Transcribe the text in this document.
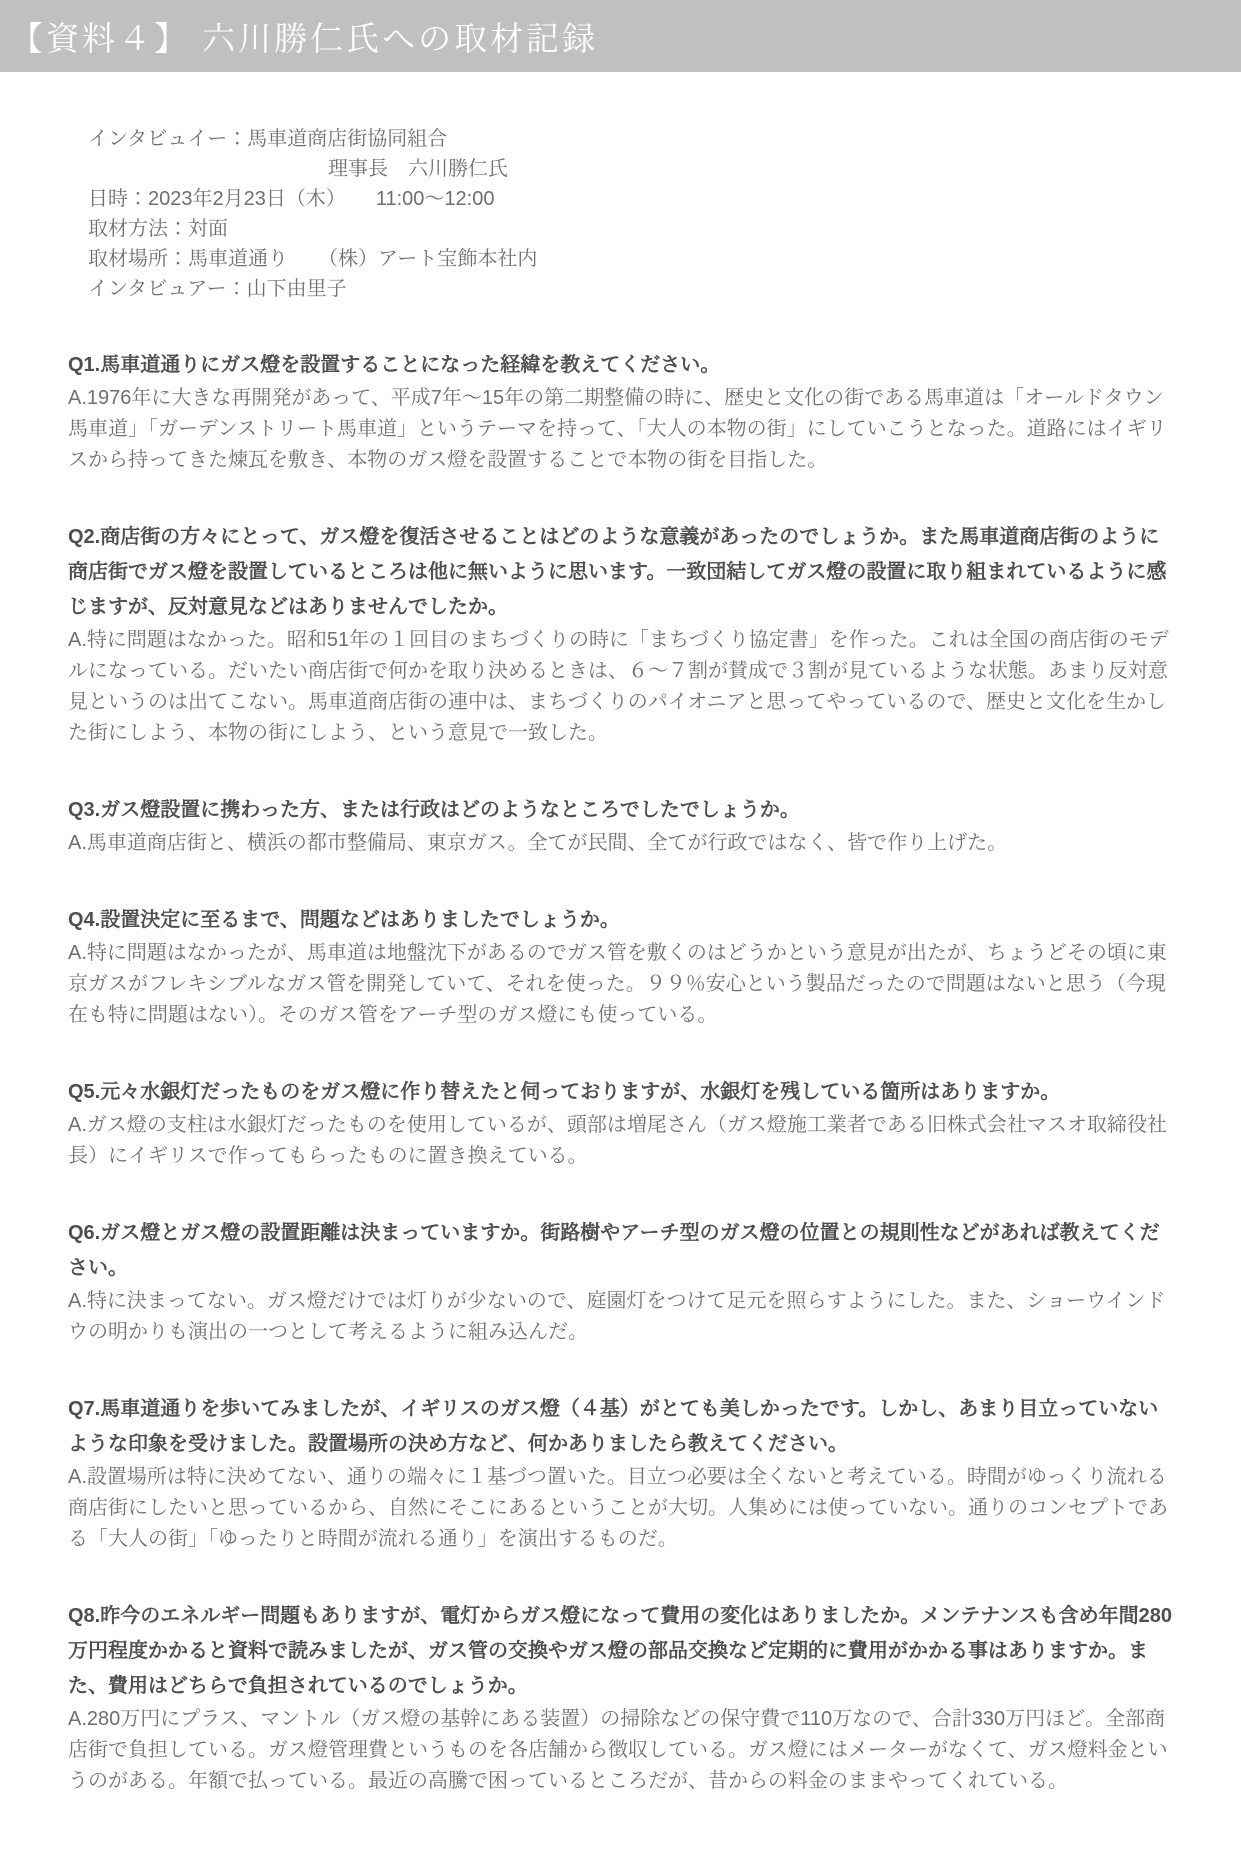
【資料４】 六川勝仁氏への取材記録
インタビュイー：馬車道商店街協同組合
理事長　六川勝仁氏
日時：2023年2月23日（木）　　11:00〜12:00
取材方法：対面
取材場所：馬車道通り　　（株）アート宝飾本社内
インタビュアー：山下由里子
Q1.馬車道通りにガス燈を設置することになった経緯を教えてください。
A.1976年に大きな再開発があって、平成7年〜15年の第二期整備の時に、歴史と文化の街である馬車道は「オールドタウン馬車道」「ガーデンストリート馬車道」というテーマを持って、「大人の本物の街」にしていこうとなった。道路にはイギリスから持ってきた煉瓦を敷き、本物のガス燈を設置することで本物の街を目指した。
Q2.商店街の方々にとって、ガス燈を復活させることはどのような意義があったのでしょうか。また馬車道商店街のように商店街でガス燈を設置しているところは他に無いように思います。一致団結してガス燈の設置に取り組まれているように感じますが、反対意見などはありませんでしたか。
A.特に問題はなかった。昭和51年の１回目のまちづくりの時に「まちづくり協定書」を作った。これは全国の商店街のモデルになっている。だいたい商店街で何かを取り決めるときは、６〜７割が賛成で３割が見ているような状態。あまり反対意見というのは出てこない。馬車道商店街の連中は、まちづくりのパイオニアと思ってやっているので、歴史と文化を生かした街にしよう、本物の街にしよう、という意見で一致した。
Q3.ガス燈設置に携わった方、または行政はどのようなところでしたでしょうか。
A.馬車道商店街と、横浜の都市整備局、東京ガス。全てが民間、全てが行政ではなく、皆で作り上げた。
Q4.設置決定に至るまで、問題などはありましたでしょうか。
A.特に問題はなかったが、馬車道は地盤沈下があるのでガス管を敷くのはどうかという意見が出たが、ちょうどその頃に東京ガスがフレキシブルなガス管を開発していて、それを使った。９９％安心という製品だったので問題はないと思う（今現在も特に問題はない）。そのガス管をアーチ型のガス燈にも使っている。
Q5.元々水銀灯だったものをガス燈に作り替えたと伺っておりますが、水銀灯を残している箇所はありますか。
A.ガス燈の支柱は水銀灯だったものを使用しているが、頭部は増尾さん（ガス燈施工業者である旧株式会社マスオ取締役社長）にイギリスで作ってもらったものに置き換えている。
Q6.ガス燈とガス燈の設置距離は決まっていますか。街路樹やアーチ型のガス燈の位置との規則性などがあれば教えてください。
A.特に決まってない。ガス燈だけでは灯りが少ないので、庭園灯をつけて足元を照らすようにした。また、ショーウインドウの明かりも演出の一つとして考えるように組み込んだ。
Q7.馬車道通りを歩いてみましたが、イギリスのガス燈（４基）がとても美しかったです。しかし、あまり目立っていないような印象を受けました。設置場所の決め方など、何かありましたら教えてください。
A.設置場所は特に決めてない、通りの端々に１基づつ置いた。目立つ必要は全くないと考えている。時間がゆっくり流れる商店街にしたいと思っているから、自然にそこにあるということが大切。人集めには使っていない。通りのコンセプトである「大人の街」「ゆったりと時間が流れる通り」を演出するものだ。
Q8.昨今のエネルギー問題もありますが、電灯からガス燈になって費用の変化はありましたか。メンテナンスも含め年間280万円程度かかると資料で読みましたが、ガス管の交換やガス燈の部品交換など定期的に費用がかかる事はありますか。また、費用はどちらで負担されているのでしょうか。
A.280万円にプラス、マントル（ガス燈の基幹にある装置）の掃除などの保守費で110万なので、合計330万円ほど。全部商店街で負担している。ガス燈管理費というものを各店舗から徴収している。ガス燈にはメーターがなくて、ガス燈料金というのがある。年額で払っている。最近の高騰で困っているところだが、昔からの料金のままやってくれている。
